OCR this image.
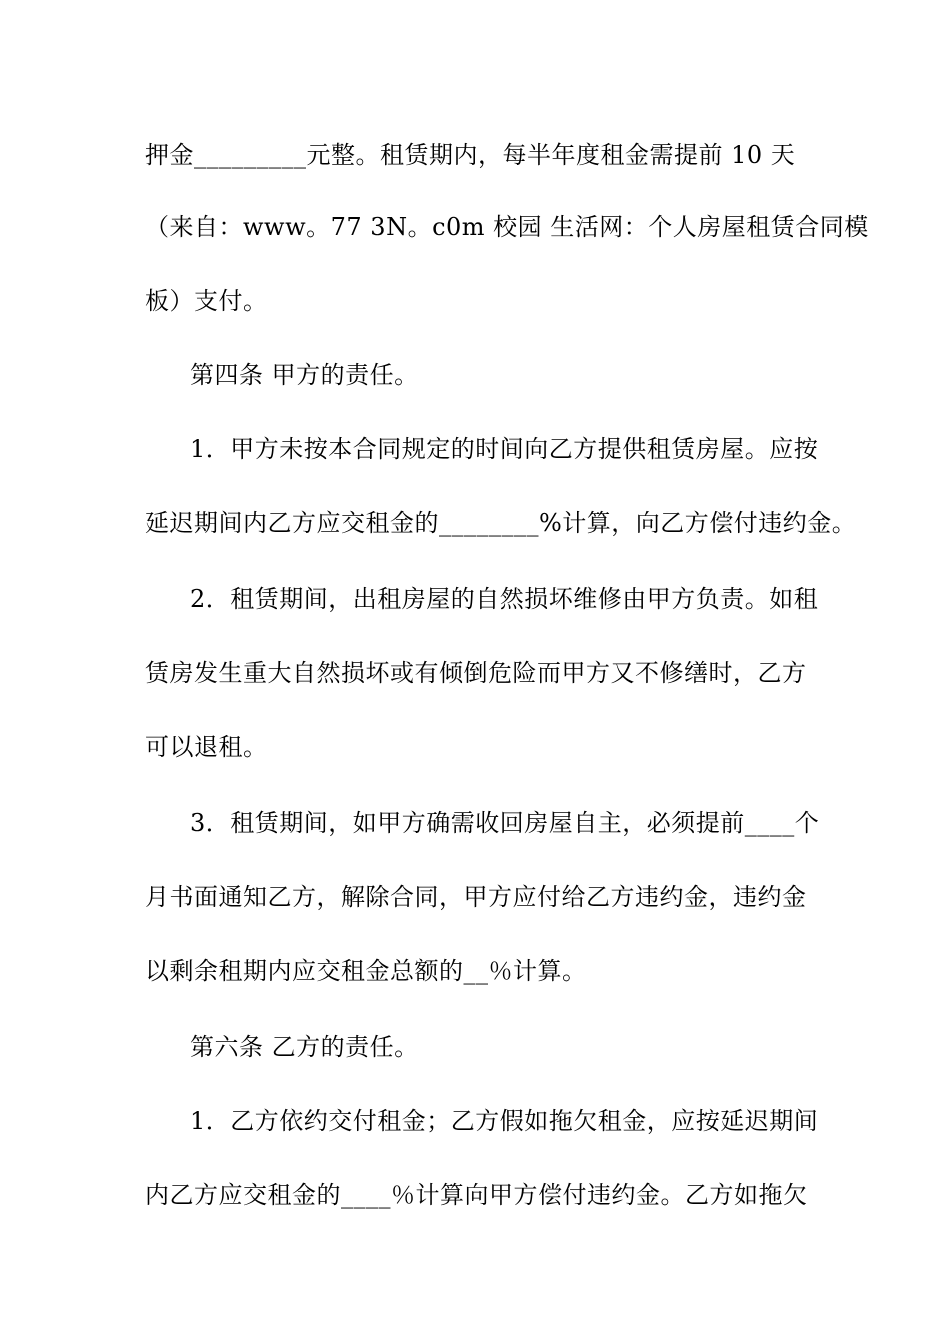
押金_________元整。租赁期内，每半年度租金需提前 10 天
（来自：www。77 3N。c0m 校园 生活网：个人房屋租赁合同模
板）支付。
第四条 甲方的责任。
1．甲方未按本合同规定的时间向乙方提供租赁房屋。应按
延迟期间内乙方应交租金的________%计算，向乙方偿付违约金。
2．租赁期间，出租房屋的自然损坏维修由甲方负责。如租
赁房发生重大自然损坏或有倾倒危险而甲方又不修缮时，乙方
可以退租。
3．租赁期间，如甲方确需收回房屋自主，必须提前____个
月书面通知乙方，解除合同，甲方应付给乙方违约金，违约金
以剩余租期内应交租金总额的__％计算。
第六条 乙方的责任。
1．乙方依约交付租金；乙方假如拖欠租金，应按延迟期间
内乙方应交租金的____％计算向甲方偿付违约金。乙方如拖欠
